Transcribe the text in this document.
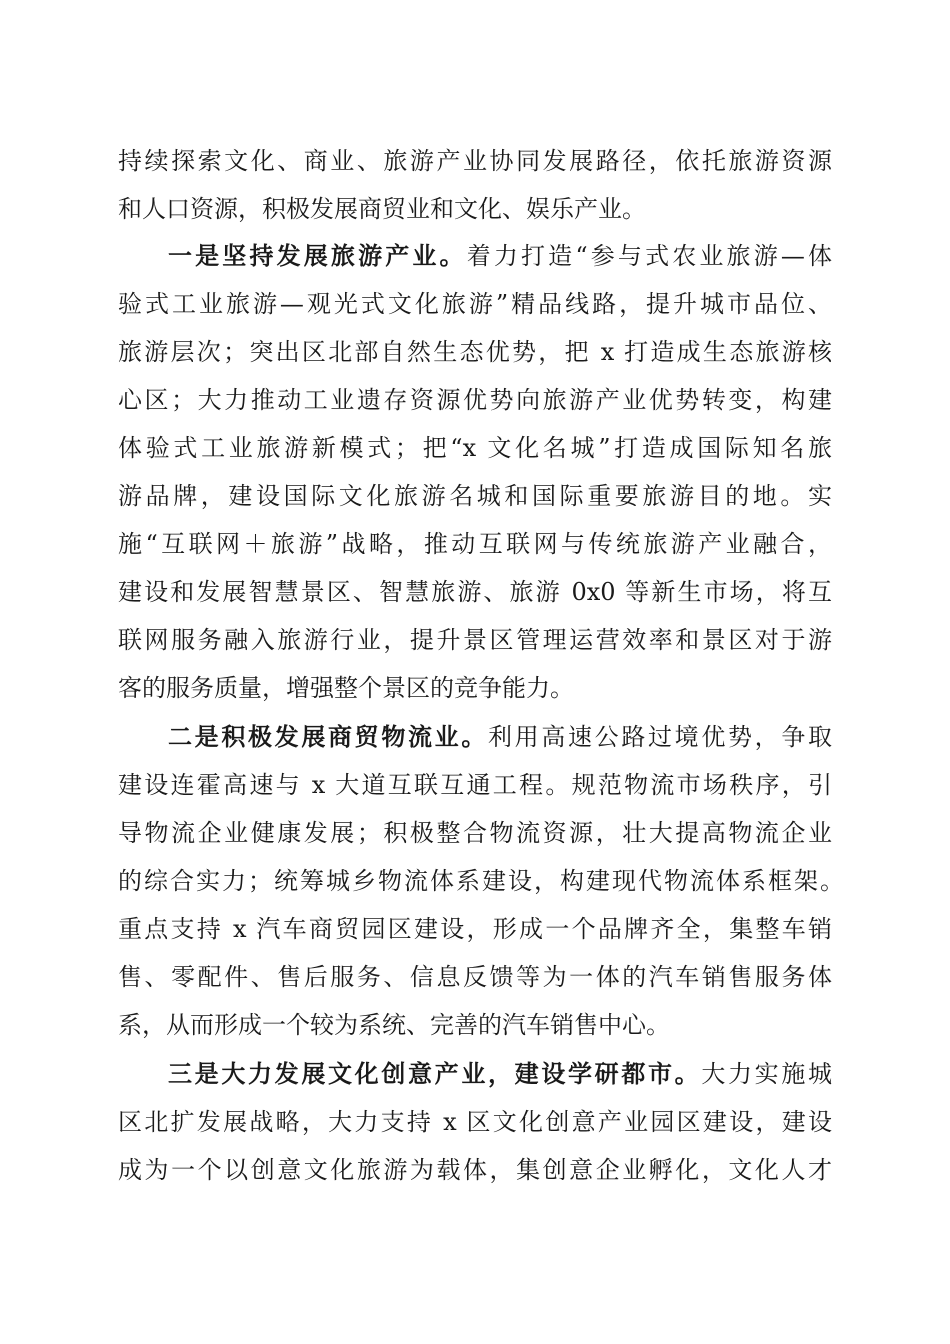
持续探索文化、商业、旅游产业协同发展路径，依托旅游资源
和人口资源，积极发展商贸业和文化、娱乐产业。
一是坚持发展旅游产业。着力打造“参与式农业旅游—体
验式工业旅游—观光式文化旅游”精品线路，提升城市品位、
旅游层次；突出区北部自然生态优势，把 x 打造成生态旅游核
心区；大力推动工业遗存资源优势向旅游产业优势转变，构建
体验式工业旅游新模式；把“x 文化名城”打造成国际知名旅
游品牌，建设国际文化旅游名城和国际重要旅游目的地。实
施“互联网＋旅游”战略，推动互联网与传统旅游产业融合，
建设和发展智慧景区、智慧旅游、旅游 0x0 等新生市场，将互
联网服务融入旅游行业，提升景区管理运营效率和景区对于游
客的服务质量，增强整个景区的竞争能力。
二是积极发展商贸物流业。利用高速公路过境优势，争取
建设连霍高速与 x 大道互联互通工程。规范物流市场秩序，引
导物流企业健康发展；积极整合物流资源，壮大提高物流企业
的综合实力；统筹城乡物流体系建设，构建现代物流体系框架。
重点支持 x 汽车商贸园区建设，形成一个品牌齐全，集整车销
售、零配件、售后服务、信息反馈等为一体的汽车销售服务体
系，从而形成一个较为系统、完善的汽车销售中心。
三是大力发展文化创意产业，建设学研都市。大力实施城
区北扩发展战略，大力支持 x 区文化创意产业园区建设，建设
成为一个以创意文化旅游为载体，集创意企业孵化，文化人才
